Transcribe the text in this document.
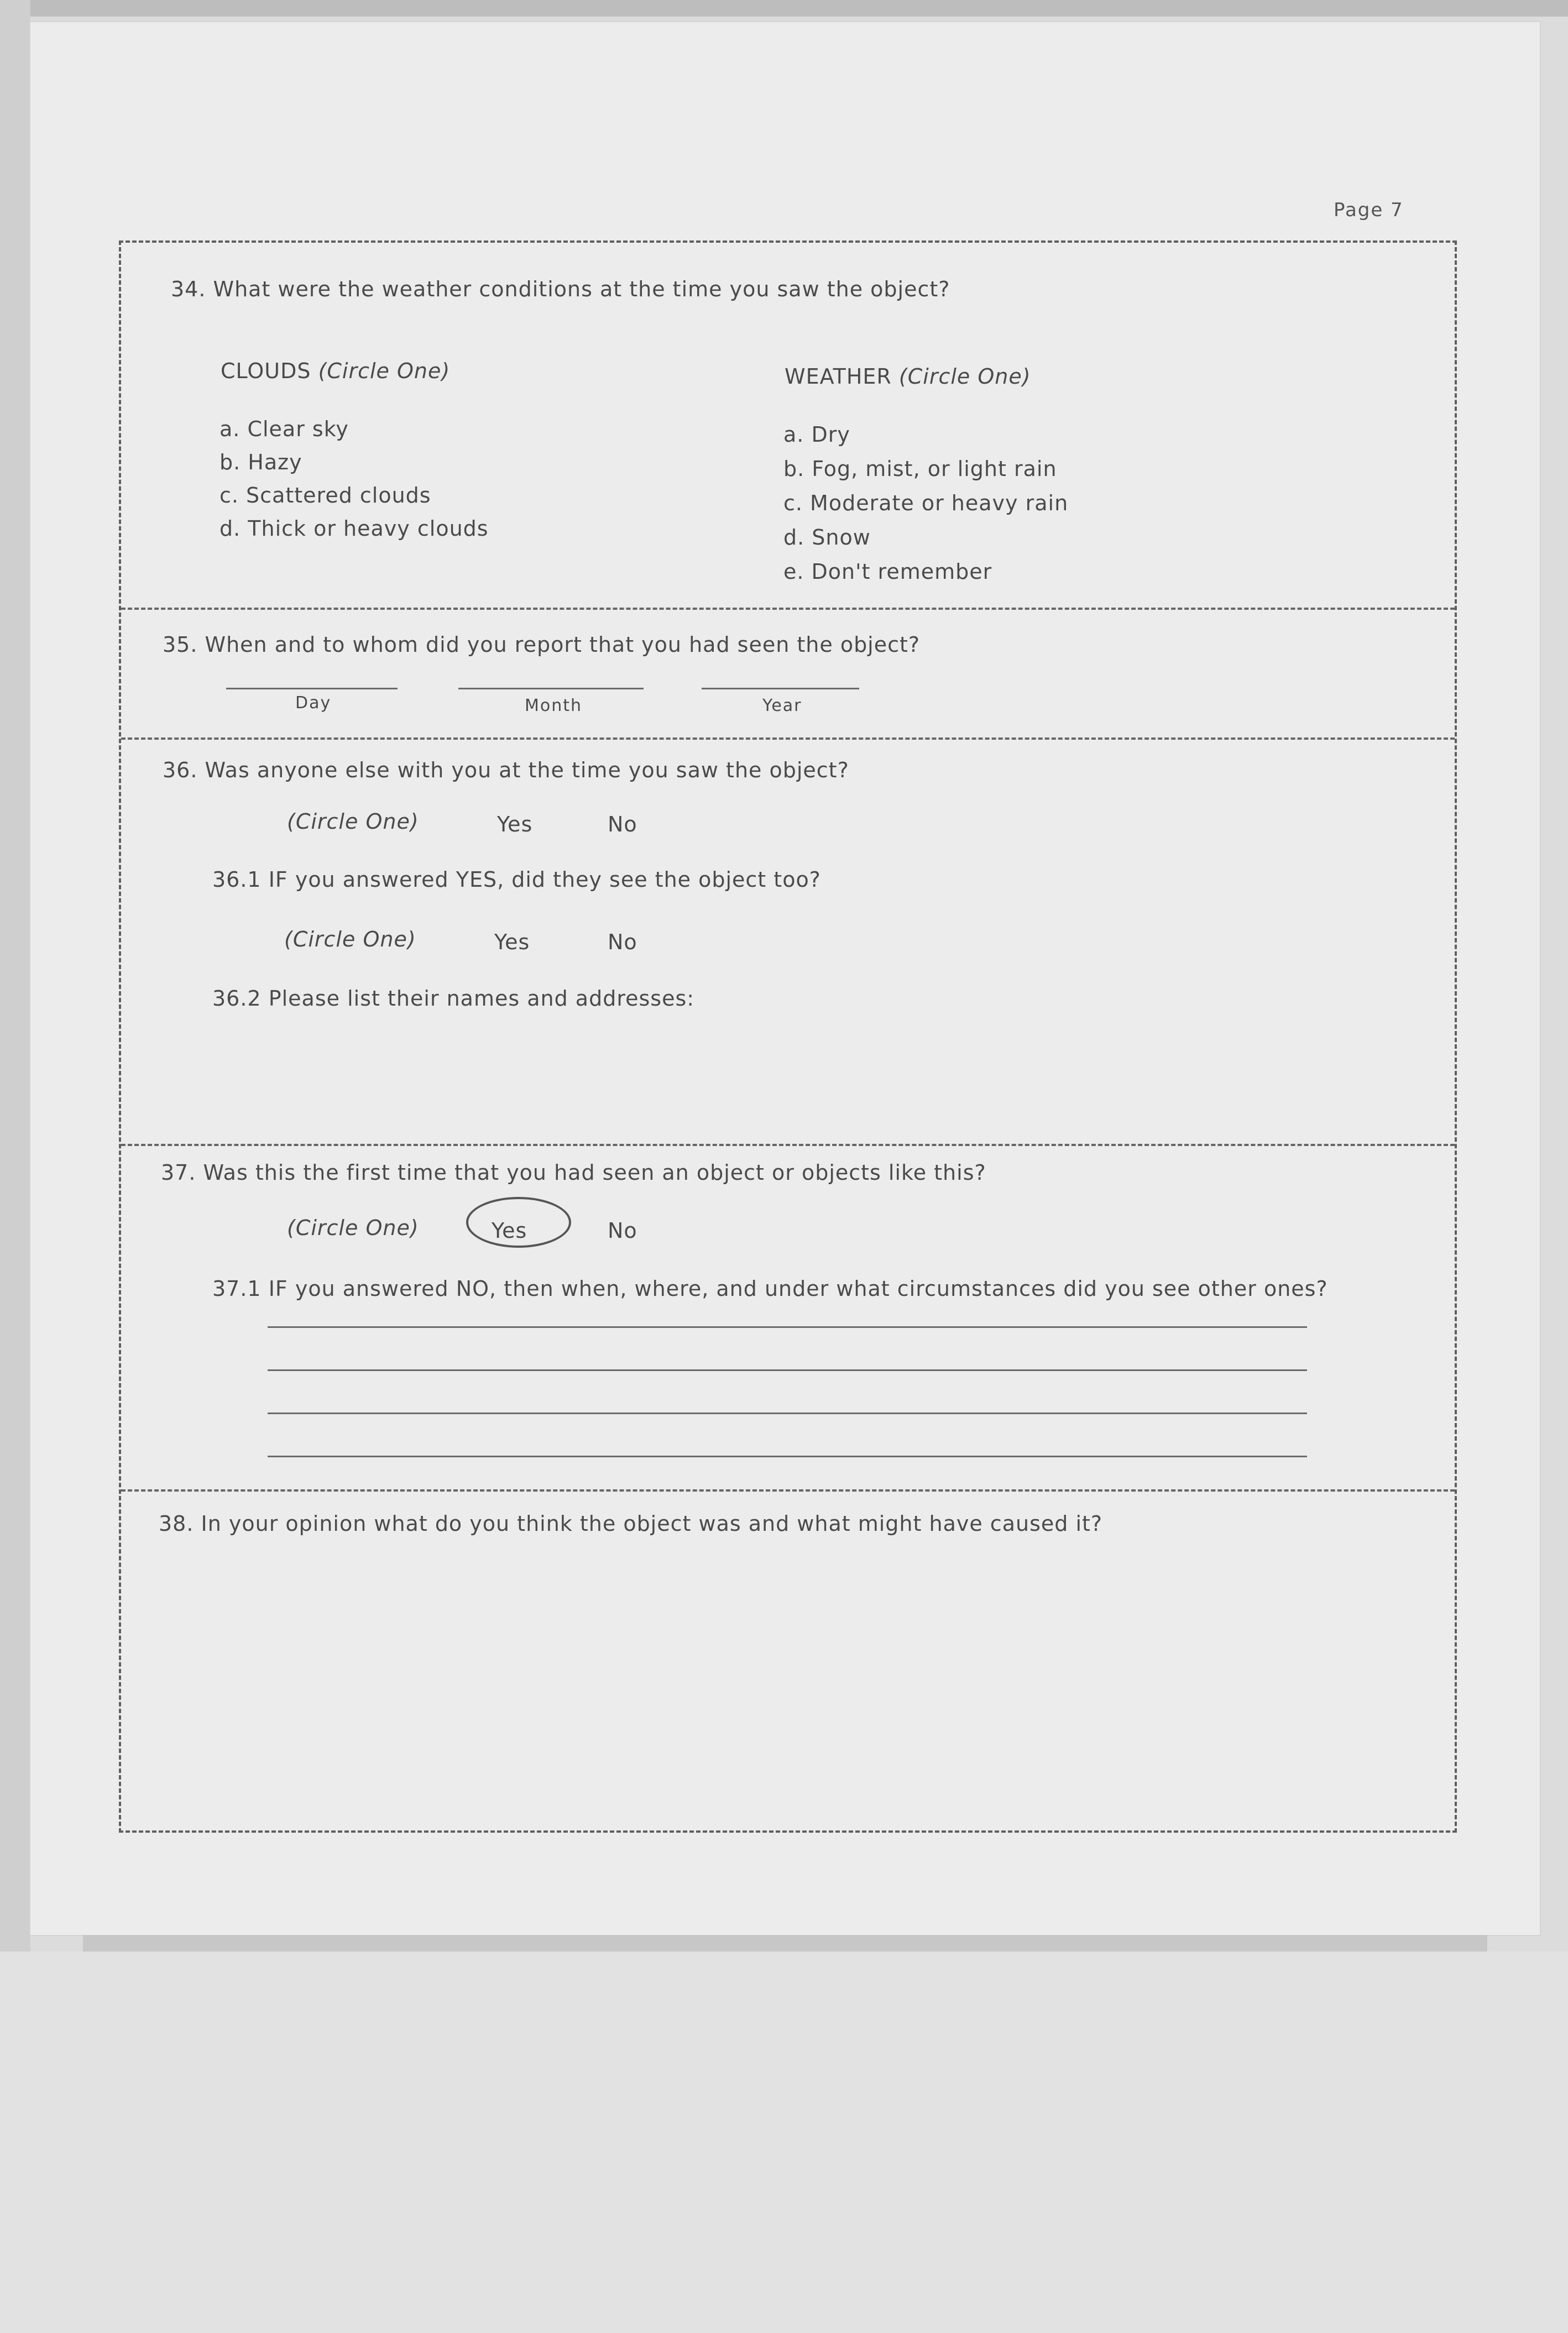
Page 7
34. What were the weather conditions at the time you saw the object?
CLOUDS (Circle One)
a. Clear sky
b. Hazy
c. Scattered clouds
d. Thick or heavy clouds
WEATHER (Circle One)
a. Dry
b. Fog, mist, or light rain
c. Moderate or heavy rain
d. Snow
e. Don't remember
35. When and to whom did you report that you had seen the object?
Day	Month	Year
36. Was anyone else with you at the time you saw the object?
(Circle One)	Yes	No
36.1 IF you answered YES, did they see the object too?
(Circle One)	Yes	No
36.2 Please list their names and addresses:
37. Was this the first time that you had seen an object or objects like this?
(Circle One)	Yes	No
37.1 IF you answered NO, then when, where, and under what circumstances did you see other ones?
38. In your opinion what do you think the object was and what might have caused it?
